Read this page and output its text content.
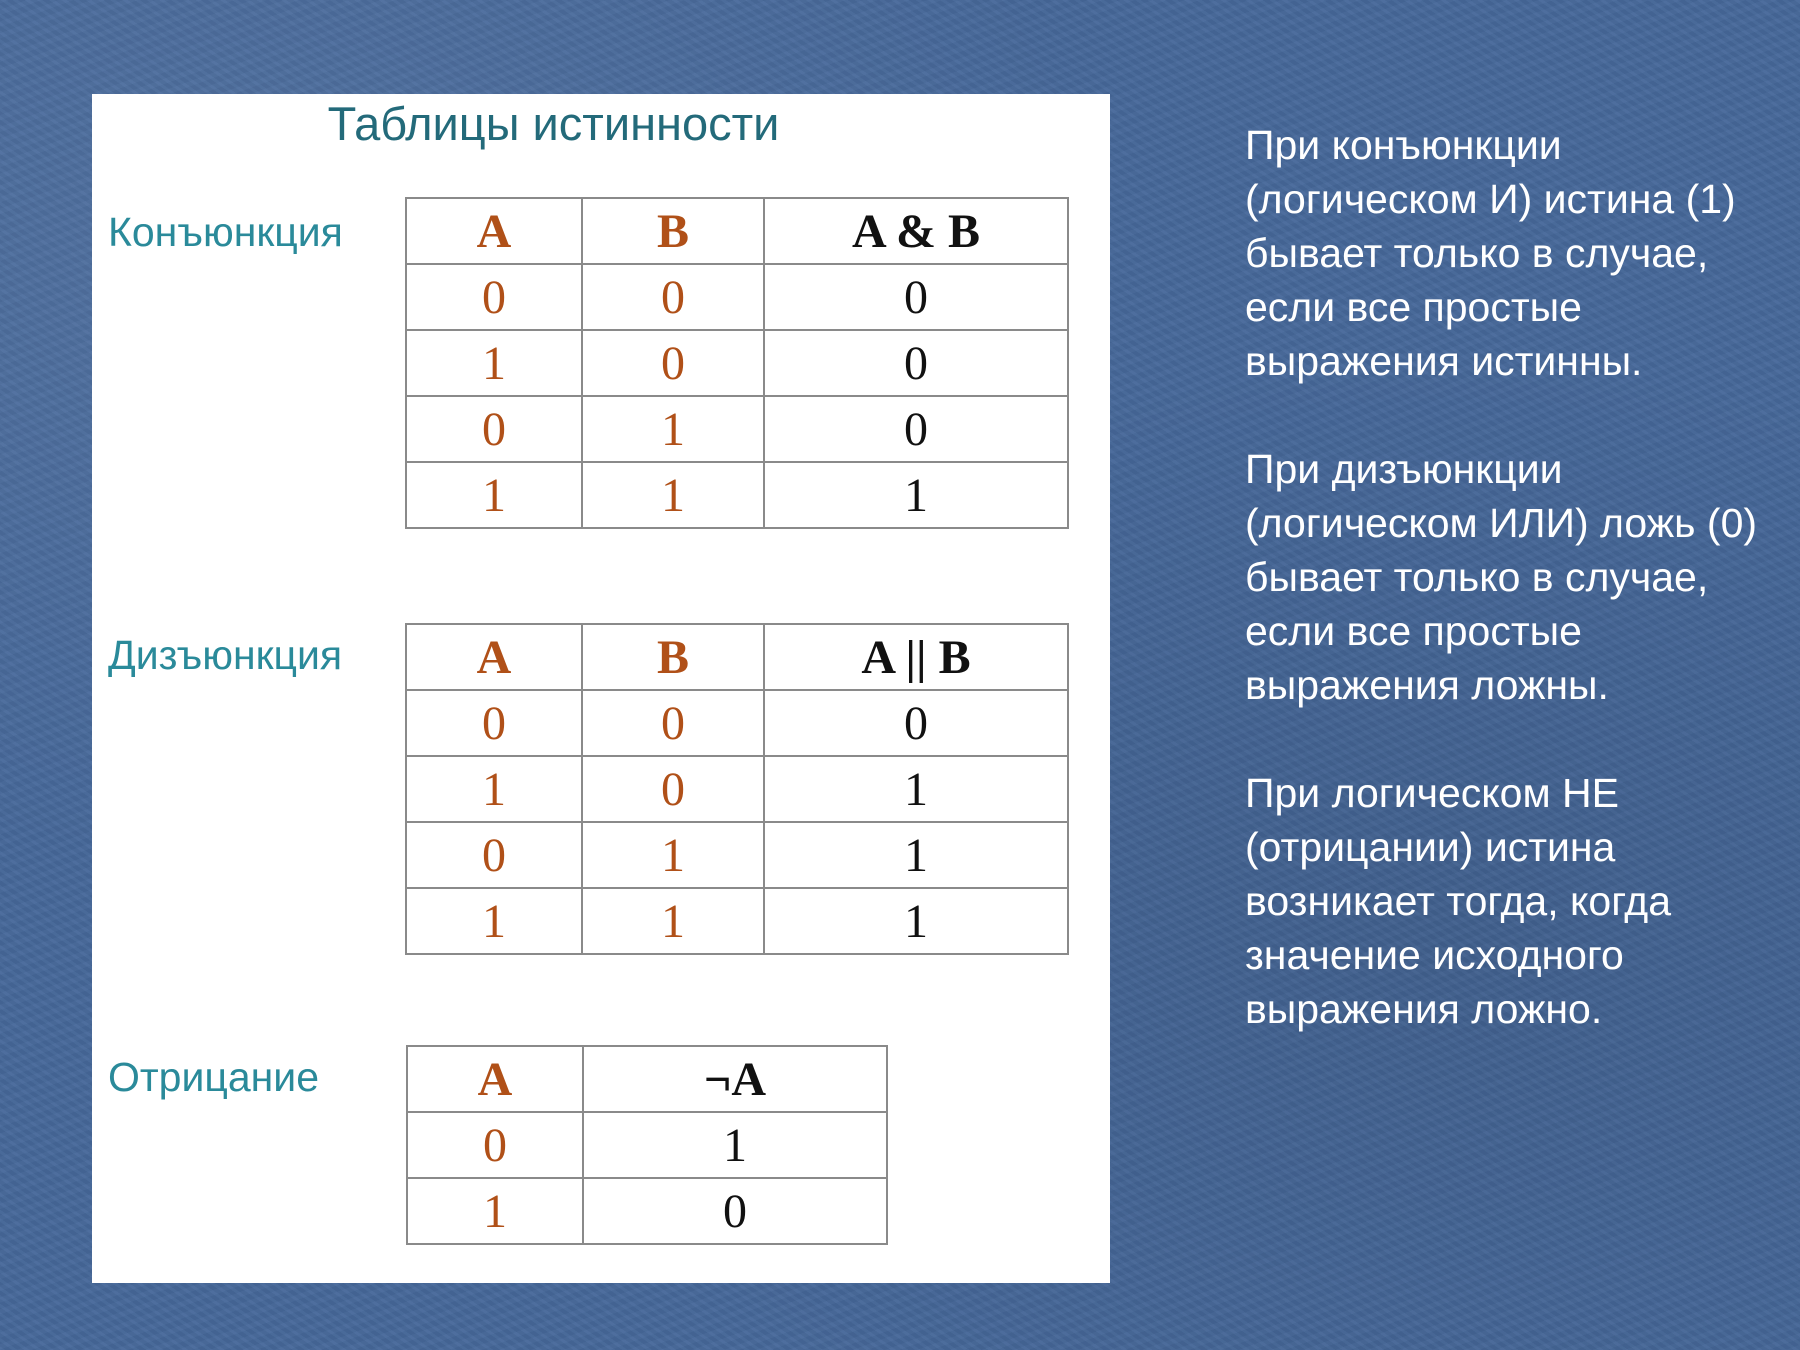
Таблицы истинности
Конъюнкция	A	B	A & B
0	0	0
1	0	0
0	1	0
1	1	1
Дизъюнкция	A	B	A || B
0	0	0
1	0	1
0	1	1
1	1	1
Отрицание	A	¬A
0	1
1	0

При конъюнкции (логическом И) истина (1) бывает только в случае, если все простые выражения истинны.

При дизъюнкции (логическом ИЛИ) ложь (0) бывает только в случае, если все простые выражения ложны.

При логическом НЕ (отрицании) истина возникает тогда, когда значение исходного выражения ложно.
